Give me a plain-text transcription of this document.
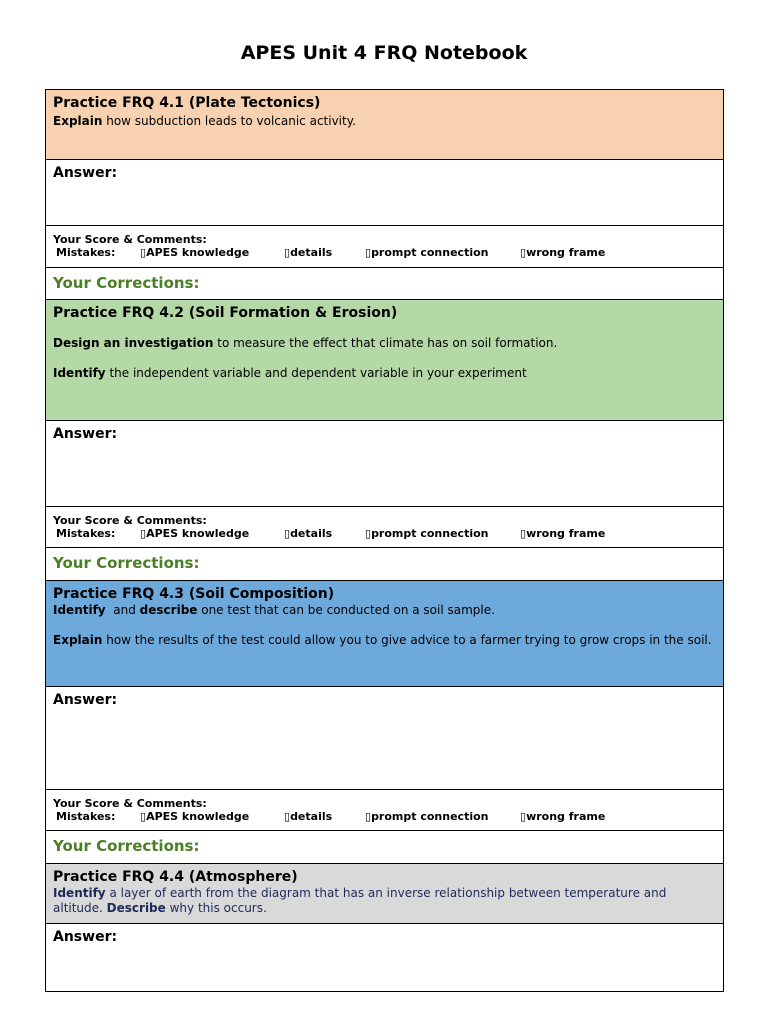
APES Unit 4 FRQ Notebook
Practice FRQ 4.1 (Plate Tectonics)
Explain how subduction leads to volcanic activity.
Answer:
Your Score & Comments:
Mistakes: ▯APES knowledge	▯details	▯prompt connection	▯wrong frame
Your Corrections:
Practice FRQ 4.2 (Soil Formation & Erosion)
Design an investigation to measure the effect that climate has on soil formation.
Identify the independent variable and dependent variable in your experiment
Answer:
Your Score & Comments:
Mistakes: ▯APES knowledge	▯details	▯prompt connection	▯wrong frame
Your Corrections:
Practice FRQ 4.3 (Soil Composition)
Identify  and describe one test that can be conducted on a soil sample.
Explain how the results of the test could allow you to give advice to a farmer trying to grow crops in the soil.
Answer:
Your Score & Comments:
Mistakes: ▯APES knowledge	▯details	▯prompt connection	▯wrong frame
Your Corrections:
Practice FRQ 4.4 (Atmosphere)
Identify a layer of earth from the diagram that has an inverse relationship between temperature and altitude. Describe why this occurs.
Answer:
